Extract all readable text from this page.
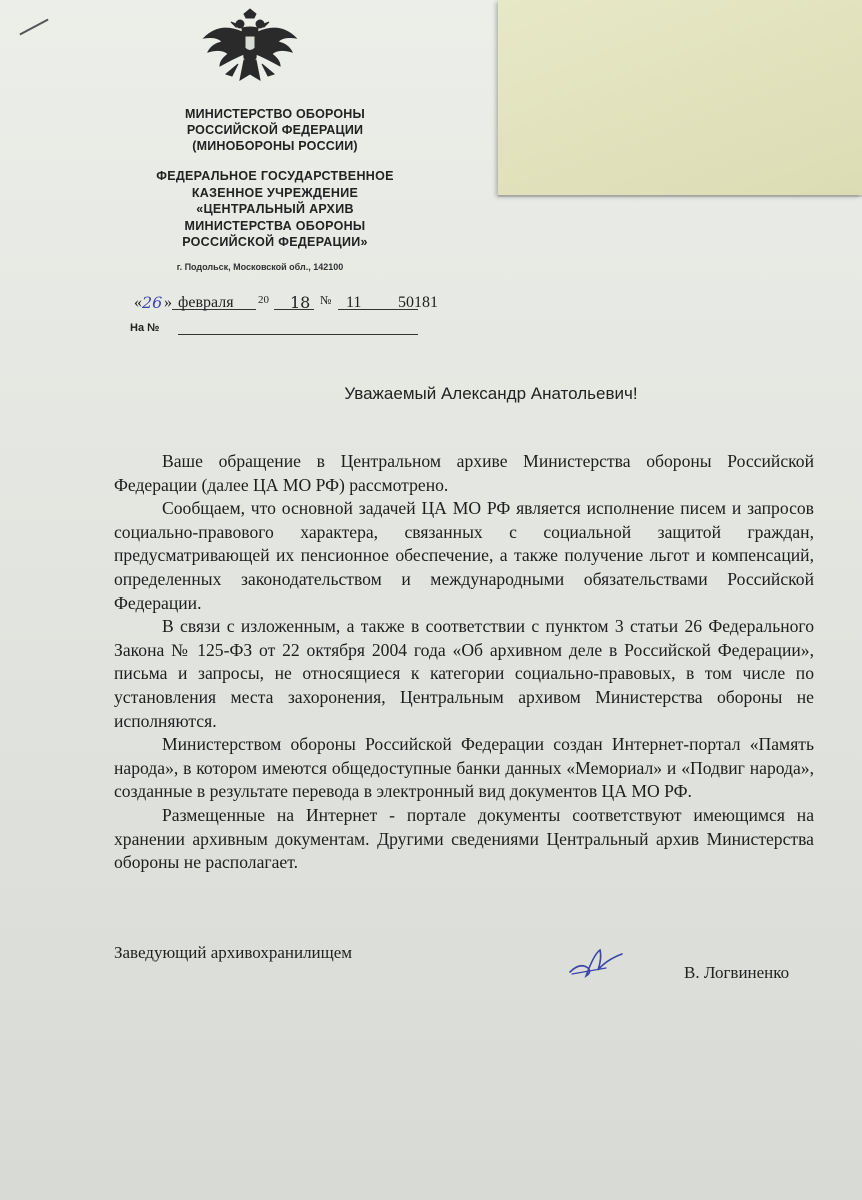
МИНИСТЕРСТВО ОБОРОНЫ
РОССИЙСКОЙ ФЕДЕРАЦИИ
(МИНОБОРОНЫ РОССИИ)
ФЕДЕРАЛЬНОЕ ГОСУДАРСТВЕННОЕ
КАЗЕННОЕ УЧРЕЖДЕНИЕ
«ЦЕНТРАЛЬНЫЙ АРХИВ
МИНИСТЕРСТВА ОБОРОНЫ
РОССИЙСКОЙ ФЕДЕРАЦИИ»
г. Подольск, Московской обл., 142100
« 26 » февраля 20 18 № 11 50181
На №
Уважаемый Александр Анатольевич!

Ваше обращение в Центральном архиве Министерства обороны Российской Федерации (далее ЦА МО РФ) рассмотрено.

Сообщаем, что основной задачей ЦА МО РФ является исполнение писем и запросов социально-правового характера, связанных с социальной защитой граждан, предусматривающей их пенсионное обеспечение, а также получение льгот и компенсаций, определенных законодательством и международными обязательствами Российской Федерации.

В связи с изложенным, а также в соответствии с пунктом 3 статьи 26 Федерального Закона № 125-ФЗ от 22 октября 2004 года «Об архивном деле в Российской Федерации», письма и запросы, не относящиеся к категории социально-правовых, в том числе по установления места захоронения, Центральным архивом Министерства обороны не исполняются.

Министерством обороны Российской Федерации создан Интернет-портал «Память народа», в котором имеются общедоступные банки данных «Мемориал» и «Подвиг народа», созданные в результате перевода в электронный вид документов ЦА МО РФ.

Размещенные на Интернет - портале документы соответствуют имеющимся на хранении архивным документам. Другими сведениями Центральный архив Министерства обороны не располагает.

Заведующий архивохранилищем
В. Логвиненко
